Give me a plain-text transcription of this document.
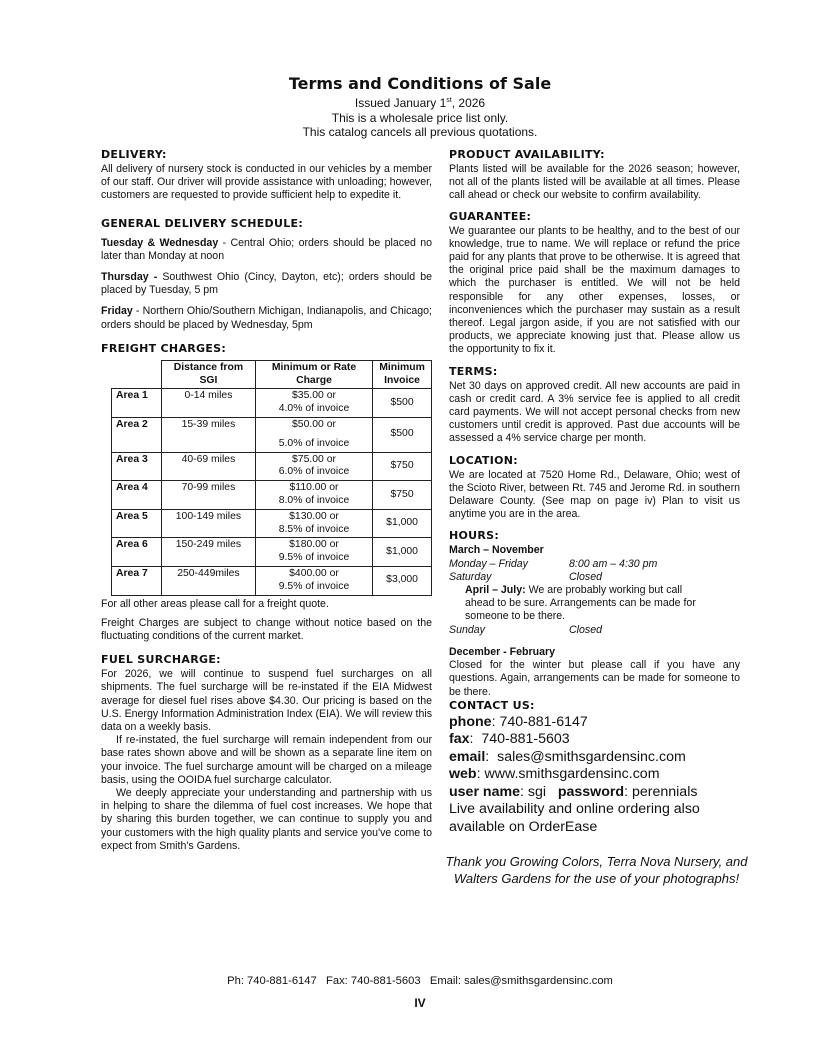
Terms and Conditions of Sale
Issued January 1st, 2026
This is a wholesale price list only.
This catalog cancels all previous quotations.
DELIVERY:

All delivery of nursery stock is conducted in our vehicles by a member of our staff. Our driver will provide assistance with unloading; however, customers are requested to provide sufficient help to expedite it.

GENERAL DELIVERY SCHEDULE:

Tuesday & Wednesday - Central Ohio; orders should be placed no later than Monday at noon

Thursday - Southwest Ohio (Cincy, Dayton, etc); orders should be placed by Tuesday, 5 pm

Friday - Northern Ohio/Southern Michigan, Indianapolis, and Chicago; orders should be placed by Wednesday, 5pm

FREIGHT CHARGES:
	Distance from SGI	Minimum or Rate Charge	Minimum Invoice
Area 1	0-14 miles	$35.00 or
4.0% of invoice	$500
Area 2	15-39 miles	$50.00 or
5.0% of invoice	$500
Area 3	40-69 miles	$75.00 or
6.0% of invoice	$750
Area 4	70-99 miles	$110.00 or
8.0% of invoice	$750
Area 5	100-149 miles	$130.00 or
8.5% of invoice	$1,000
Area 6	150-249 miles	$180.00 or
9.5% of invoice	$1,000
Area 7	250-449miles	$400.00 or
9.5% of invoice	$3,000

For all other areas please call for a freight quote.

Freight Charges are subject to change without notice based on the fluctuating conditions of the current market.

FUEL SURCHARGE:

For 2026, we will continue to suspend fuel surcharges on all shipments. The fuel surcharge will be re-instated if the EIA Midwest average for diesel fuel rises above $4.30. Our pricing is based on the U.S. Energy Information Administration Index (EIA). We will review this data on a weekly basis.

If re-instated, the fuel surcharge will remain independent from our base rates shown above and will be shown as a separate line item on your invoice. The fuel surcharge amount will be charged on a mileage basis, using the OOIDA fuel surcharge calculator.

We deeply appreciate your understanding and partnership with us in helping to share the dilemma of fuel cost increases. We hope that by sharing this burden together, we can continue to supply you and your customers with the high quality plants and service you've come to expect from Smith's Gardens.

PRODUCT AVAILABILITY:

Plants listed will be available for the 2026 season; however, not all of the plants listed will be available at all times. Please call ahead or check our website to confirm availability.

GUARANTEE:

We guarantee our plants to be healthy, and to the best of our knowledge, true to name. We will replace or refund the price paid for any plants that prove to be otherwise. It is agreed that the original price paid shall be the maximum damages to which the purchaser is entitled. We will not be held responsible for any other expenses, losses, or inconveniences which the purchaser may sustain as a result thereof. Legal jargon aside, if you are not satisfied with our products, we appreciate knowing just that. Please allow us the opportunity to fix it.

TERMS:

Net 30 days on approved credit. All new accounts are paid in cash or credit card. A 3% service fee is applied to all credit card payments. We will not accept personal checks from new customers until credit is approved. Past due accounts will be assessed a 4% service charge per month.

LOCATION:

We are located at 7520 Home Rd., Delaware, Ohio; west of the Scioto River, between Rt. 745 and Jerome Rd. in southern Delaware County. (See map on page iv) Plan to visit us anytime you are in the area.

HOURS:

March – November

Monday – Friday	8:00 am – 4:30 pm
Saturday	Closed

April – July: We are probably working but call ahead to be sure. Arrangements can be made for someone to be there.

Sunday	Closed

December - February

Closed for the winter but please call if you have any questions. Again, arrangements can be made for someone to be there.

CONTACT US:
phone: 740-881-6147
fax:  740-881-5603
email:  sales@smithsgardensinc.com
web: www.smithsgardensinc.com
user name: sgi password: perennials
Live availability and online ordering also available on OrderEase
Thank you Growing Colors, Terra Nova Nursery, and Walters Gardens for the use of your photographs!
Ph: 740-881-6147   Fax: 740-881-5603   Email: sales@smithsgardensinc.com
IV
